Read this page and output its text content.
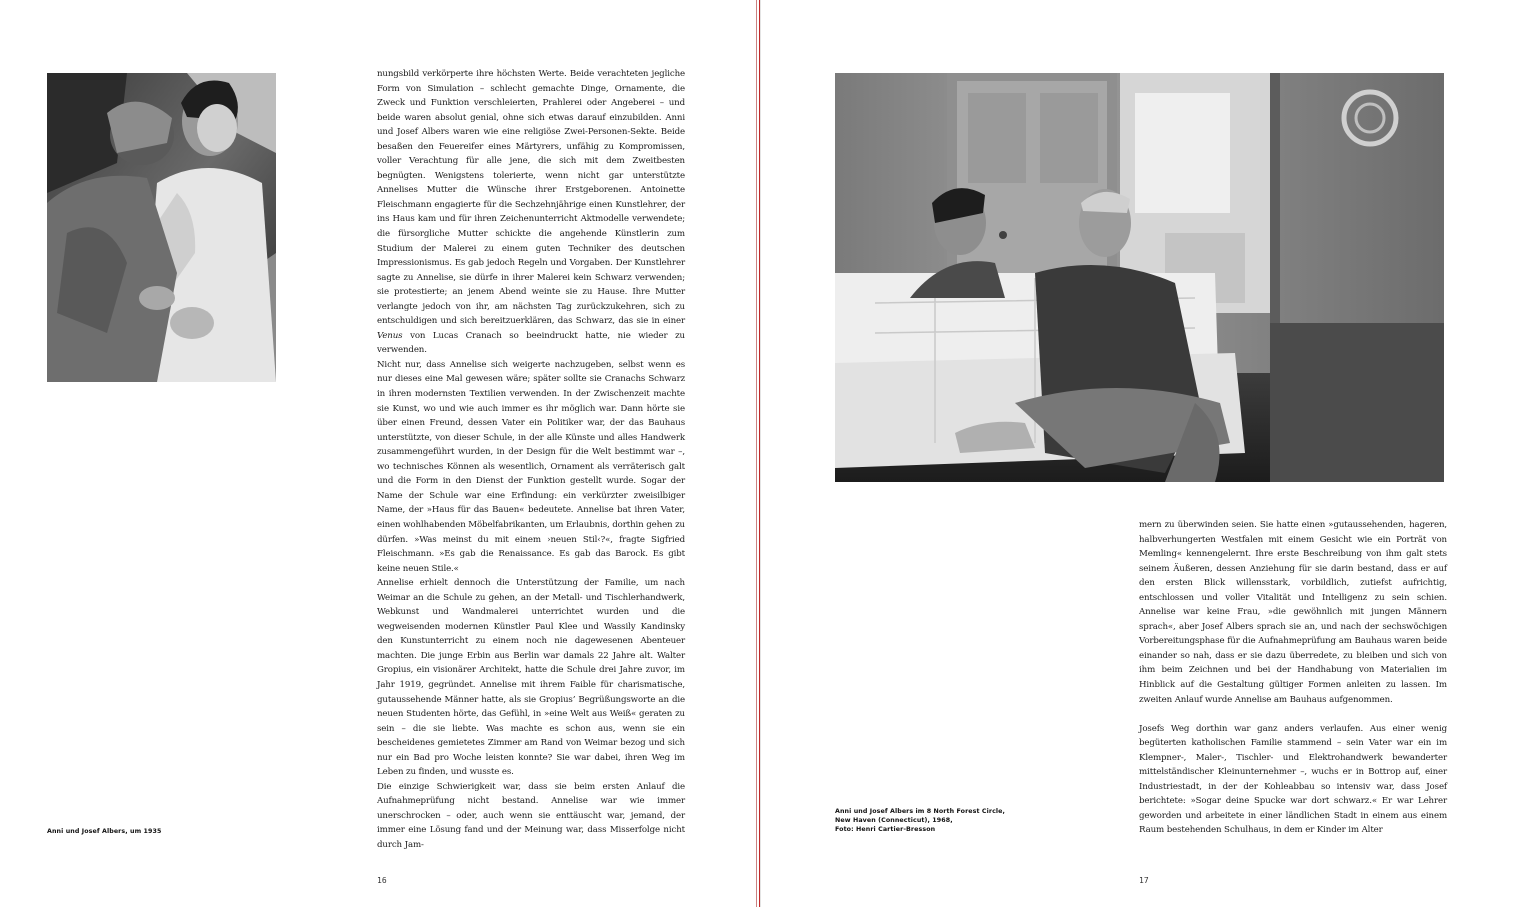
Anni und Josef Albers, um 1935

nungsbild verkörperte ihre höchsten Werte. Beide verachteten jegliche Form von Simulation – schlecht gemachte Dinge, Ornamente, die Zweck und Funktion verschleierten, Prahlerei oder Angeberei – und beide waren absolut genial, ohne sich etwas darauf einzubilden. Anni und Josef Albers waren wie eine religiöse Zwei-Personen-Sekte. Beide besaßen den Feuereifer eines Märtyrers, unfähig zu Kompromissen, voller Verachtung für alle jene, die sich mit dem Zweitbesten begnügten. Wenigstens tolerierte, wenn nicht gar unterstützte Annelises Mutter die Wünsche ihrer Erstgeborenen. Antoinette Fleischmann engagierte für die Sechzehnjährige einen Kunstlehrer, der ins Haus kam und für ihren Zeichenunterricht Aktmodelle verwendete; die fürsorgliche Mutter schickte die angehende Künstlerin zum Studium der Malerei zu einem guten Techniker des deutschen Impressionismus. Es gab jedoch Regeln und Vorgaben. Der Kunstlehrer sagte zu Annelise, sie dürfe in ihrer Malerei kein Schwarz verwenden; sie protestierte; an jenem Abend weinte sie zu Hause. Ihre Mutter verlangte jedoch von ihr, am nächsten Tag zurückzukehren, sich zu entschuldigen und sich bereitzuerklären, das Schwarz, das sie in einer Venus von Lucas Cranach so beeindruckt hatte, nie wieder zu verwenden.

Nicht nur, dass Annelise sich weigerte nachzugeben, selbst wenn es nur dieses eine Mal gewesen wäre; später sollte sie Cranachs Schwarz in ihren modernsten Textilien verwenden. In der Zwischenzeit machte sie Kunst, wo und wie auch immer es ihr möglich war. Dann hörte sie über einen Freund, dessen Vater ein Politiker war, der das Bauhaus unterstützte, von dieser Schule, in der alle Künste und alles Handwerk zusammengeführt wurden, in der Design für die Welt bestimmt war –, wo technisches Können als wesentlich, Ornament als verräterisch galt und die Form in den Dienst der Funktion gestellt wurde. Sogar der Name der Schule war eine Erfindung: ein verkürzter zweisilbiger Name, der »Haus für das Bauen« bedeutete. Annelise bat ihren Vater, einen wohlhabenden Möbelfabrikanten, um Erlaubnis, dorthin gehen zu dürfen. »Was meinst du mit einem ›neuen Stil‹?«, fragte Sigfried Fleischmann. »Es gab die Renaissance. Es gab das Barock. Es gibt keine neuen Stile.«

Annelise erhielt dennoch die Unterstützung der Familie, um nach Weimar an die Schule zu gehen, an der Metall- und Tischlerhandwerk, Webkunst und Wandmalerei unterrichtet wurden und die wegweisenden modernen Künstler Paul Klee und Wassily Kandinsky den Kunstunterricht zu einem noch nie dagewesenen Abenteuer machten. Die junge Erbin aus Berlin war damals 22 Jahre alt. Walter Gropius, ein visionärer Architekt, hatte die Schule drei Jahre zuvor, im Jahr 1919, gegründet. Annelise mit ihrem Faible für charismatische, gutaussehende Männer hatte, als sie Gropius’ Begrüßungsworte an die neuen Studenten hörte, das Gefühl, in »eine Welt aus Weiß« geraten zu sein – die sie liebte. Was machte es schon aus, wenn sie ein bescheidenes gemietetes Zimmer am Rand von Weimar bezog und sich nur ein Bad pro Woche leisten konnte? Sie war dabei, ihren Weg im Leben zu finden, und wusste es.

Die einzige Schwierigkeit war, dass sie beim ersten Anlauf die Aufnahmeprüfung nicht bestand. Annelise war wie immer unerschrocken – oder, auch wenn sie enttäuscht war, jemand, der immer eine Lösung fand und der Meinung war, dass Misserfolge nicht durch Jam-

16
Anni und Josef Albers im 8 North Forest Circle,
New Haven (Connecticut), 1968,
Foto: Henri Cartier-Bresson

mern zu überwinden seien. Sie hatte einen »gutaussehenden, hageren, halbverhungerten Westfalen mit einem Gesicht wie ein Porträt von Memling« kennengelernt. Ihre erste Beschreibung von ihm galt stets seinem Äußeren, dessen Anziehung für sie darin bestand, dass er auf den ersten Blick willensstark, vorbildlich, zutiefst aufrichtig, entschlossen und voller Vitalität und Intelligenz zu sein schien. Annelise war keine Frau, »die gewöhnlich mit jungen Männern sprach«, aber Josef Albers sprach sie an, und nach der sechswöchigen Vorbereitungsphase für die Aufnahmeprüfung am Bauhaus waren beide einander so nah, dass er sie dazu überredete, zu bleiben und sich von ihm beim Zeichnen und bei der Handhabung von Materialien im Hinblick auf die Gestaltung gültiger Formen anleiten zu lassen. Im zweiten Anlauf wurde Annelise am Bauhaus aufgenommen.

Josefs Weg dorthin war ganz anders verlaufen. Aus einer wenig begüterten katholischen Familie stammend – sein Vater war ein im Klempner-, Maler-, Tischler- und Elektrohandwerk bewanderter mittelständischer Kleinunternehmer –, wuchs er in Bottrop auf, einer Industriestadt, in der der Kohleabbau so intensiv war, dass Josef berichtete: »Sogar deine Spucke war dort schwarz.« Er war Lehrer geworden und arbeitete in einer ländlichen Stadt in einem aus einem Raum bestehenden Schulhaus, in dem er Kinder im Alter

17
